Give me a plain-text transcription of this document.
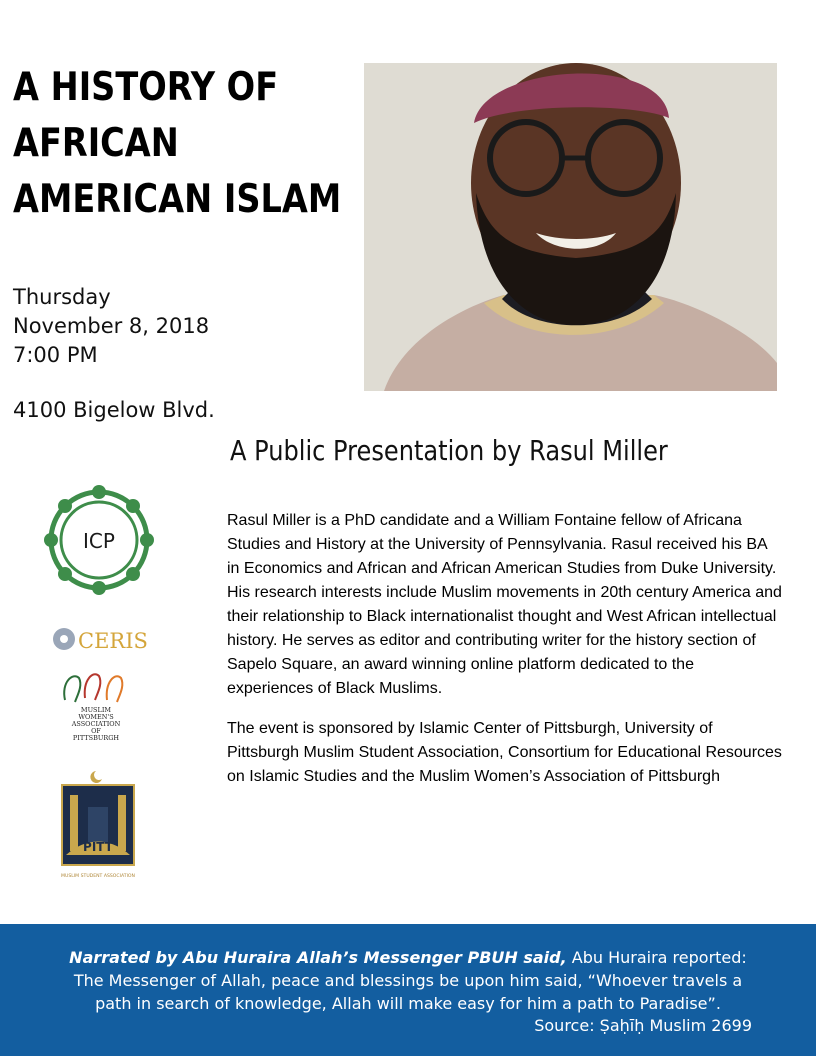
A HISTORY OF
AFRICAN
AMERICAN ISLAM
Thursday
November 8, 2018
7:00 PM
4100 Bigelow Blvd.
A Public Presentation by Rasul Miller
ICP
CERIS
MUSLIM
WOMEN'S
ASSOCIATION
OF
PITTSBURGH
PITT
MUSLIM STUDENT ASSOCIATION

Rasul Miller is a PhD candidate and a William Fontaine fellow of Africana Studies and History at the University of Pennsylvania. Rasul received his BA in Economics and African and African American Studies from Duke University. His research interests include Muslim movements in 20th century America and their relationship to Black internationalist thought and West African intellectual history. He serves as editor and contributing writer for the history section of Sapelo Square, an award winning online platform dedicated to the experiences of Black Muslims.

The event is sponsored by Islamic Center of Pittsburgh, University of Pittsburgh Muslim Student Association, Consortium for Educational Resources on Islamic Studies and the Muslim Women’s Association of Pittsburgh

Narrated by Abu Huraira Allah’s Messenger PBUH said, Abu Huraira reported:
The Messenger of Allah, peace and blessings be upon him said, “Whoever travels a
path in search of knowledge, Allah will make easy for him a path to Paradise”.
Source: Ṣaḥīḥ Muslim 2699
